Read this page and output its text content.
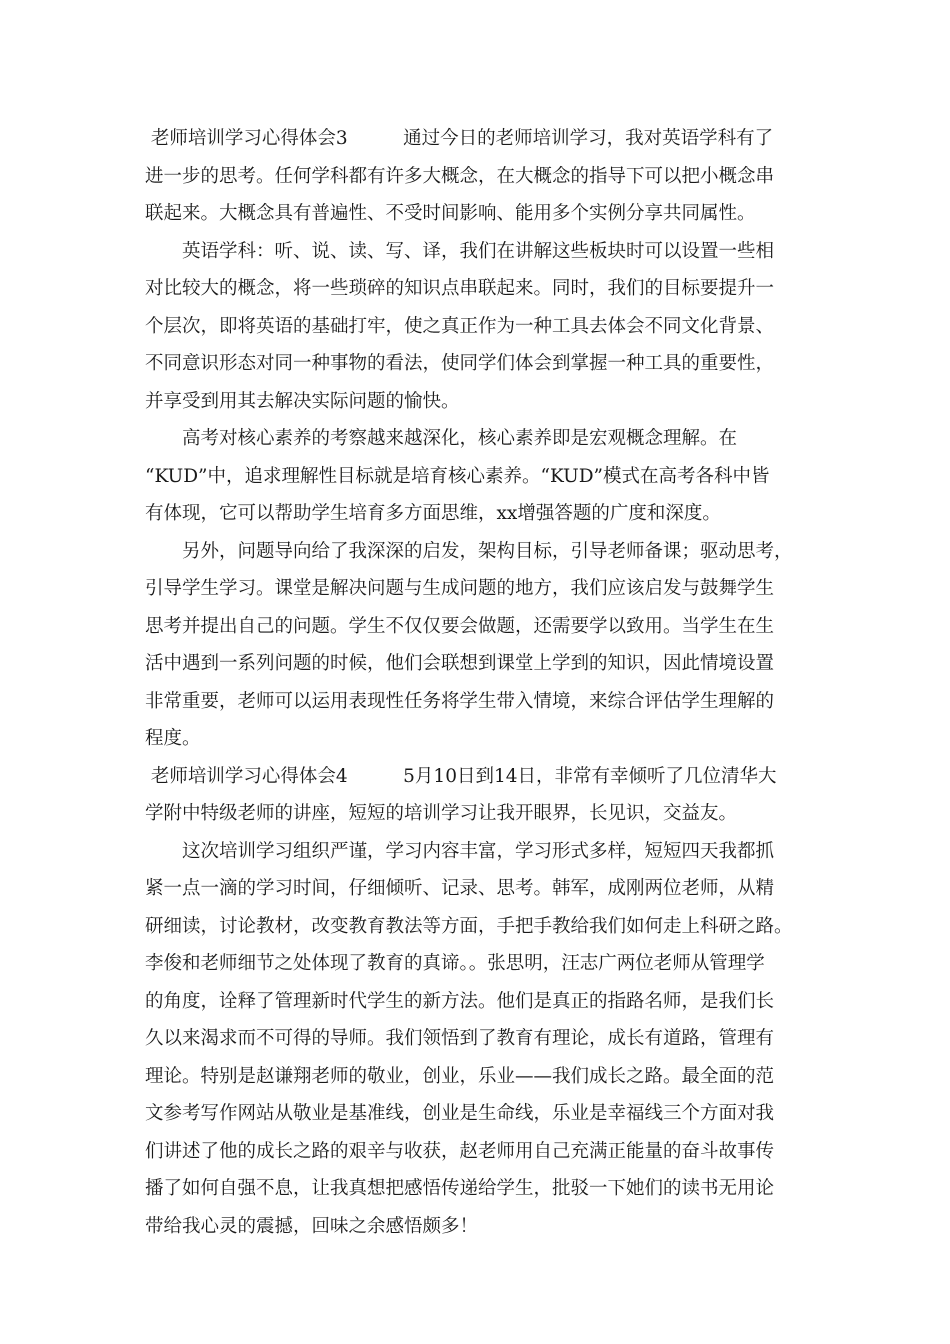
老师培训学习心得体会3　　　通过今日的老师培训学习，我对英语学科有了
进一步的思考。任何学科都有许多大概念，在大概念的指导下可以把小概念串
联起来。大概念具有普遍性、不受时间影响、能用多个实例分享共同属性。
　　英语学科：听、说、读、写、译，我们在讲解这些板块时可以设置一些相
对比较大的概念，将一些琐碎的知识点串联起来。同时，我们的目标要提升一
个层次，即将英语的基础打牢，使之真正作为一种工具去体会不同文化背景、
不同意识形态对同一种事物的看法，使同学们体会到掌握一种工具的重要性，
并享受到用其去解决实际问题的愉快。
　　高考对核心素养的考察越来越深化，核心素养即是宏观概念理解。在
“KUD”中，追求理解性目标就是培育核心素养。“KUD”模式在高考各科中皆
有体现，它可以帮助学生培育多方面思维，xx增强答题的广度和深度。
　　另外，问题导向给了我深深的启发，架构目标，引导老师备课；驱动思考，
引导学生学习。课堂是解决问题与生成问题的地方，我们应该启发与鼓舞学生
思考并提出自己的问题。学生不仅仅要会做题，还需要学以致用。当学生在生
活中遇到一系列问题的时候，他们会联想到课堂上学到的知识，因此情境设置
非常重要，老师可以运用表现性任务将学生带入情境，来综合评估学生理解的
程度。
老师培训学习心得体会4　　　5月10日到14日，非常有幸倾听了几位清华大
学附中特级老师的讲座，短短的培训学习让我开眼界，长见识，交益友。
　　这次培训学习组织严谨，学习内容丰富，学习形式多样，短短四天我都抓
紧一点一滴的学习时间，仔细倾听、记录、思考。韩军，成刚两位老师，从精
研细读，讨论教材，改变教育教法等方面，手把手教给我们如何走上科研之路。
李俊和老师细节之处体现了教育的真谛。。张思明，汪志广两位老师从管理学
的角度，诠释了管理新时代学生的新方法。他们是真正的指路名师，是我们长
久以来渴求而不可得的导师。我们领悟到了教育有理论，成长有道路，管理有
理论。特别是赵谦翔老师的敬业，创业，乐业——我们成长之路。最全面的范
文参考写作网站从敬业是基准线，创业是生命线，乐业是幸福线三个方面对我
们讲述了他的成长之路的艰辛与收获，赵老师用自己充满正能量的奋斗故事传
播了如何自强不息，让我真想把感悟传递给学生，批驳一下她们的读书无用论
带给我心灵的震撼，回味之余感悟颇多！
